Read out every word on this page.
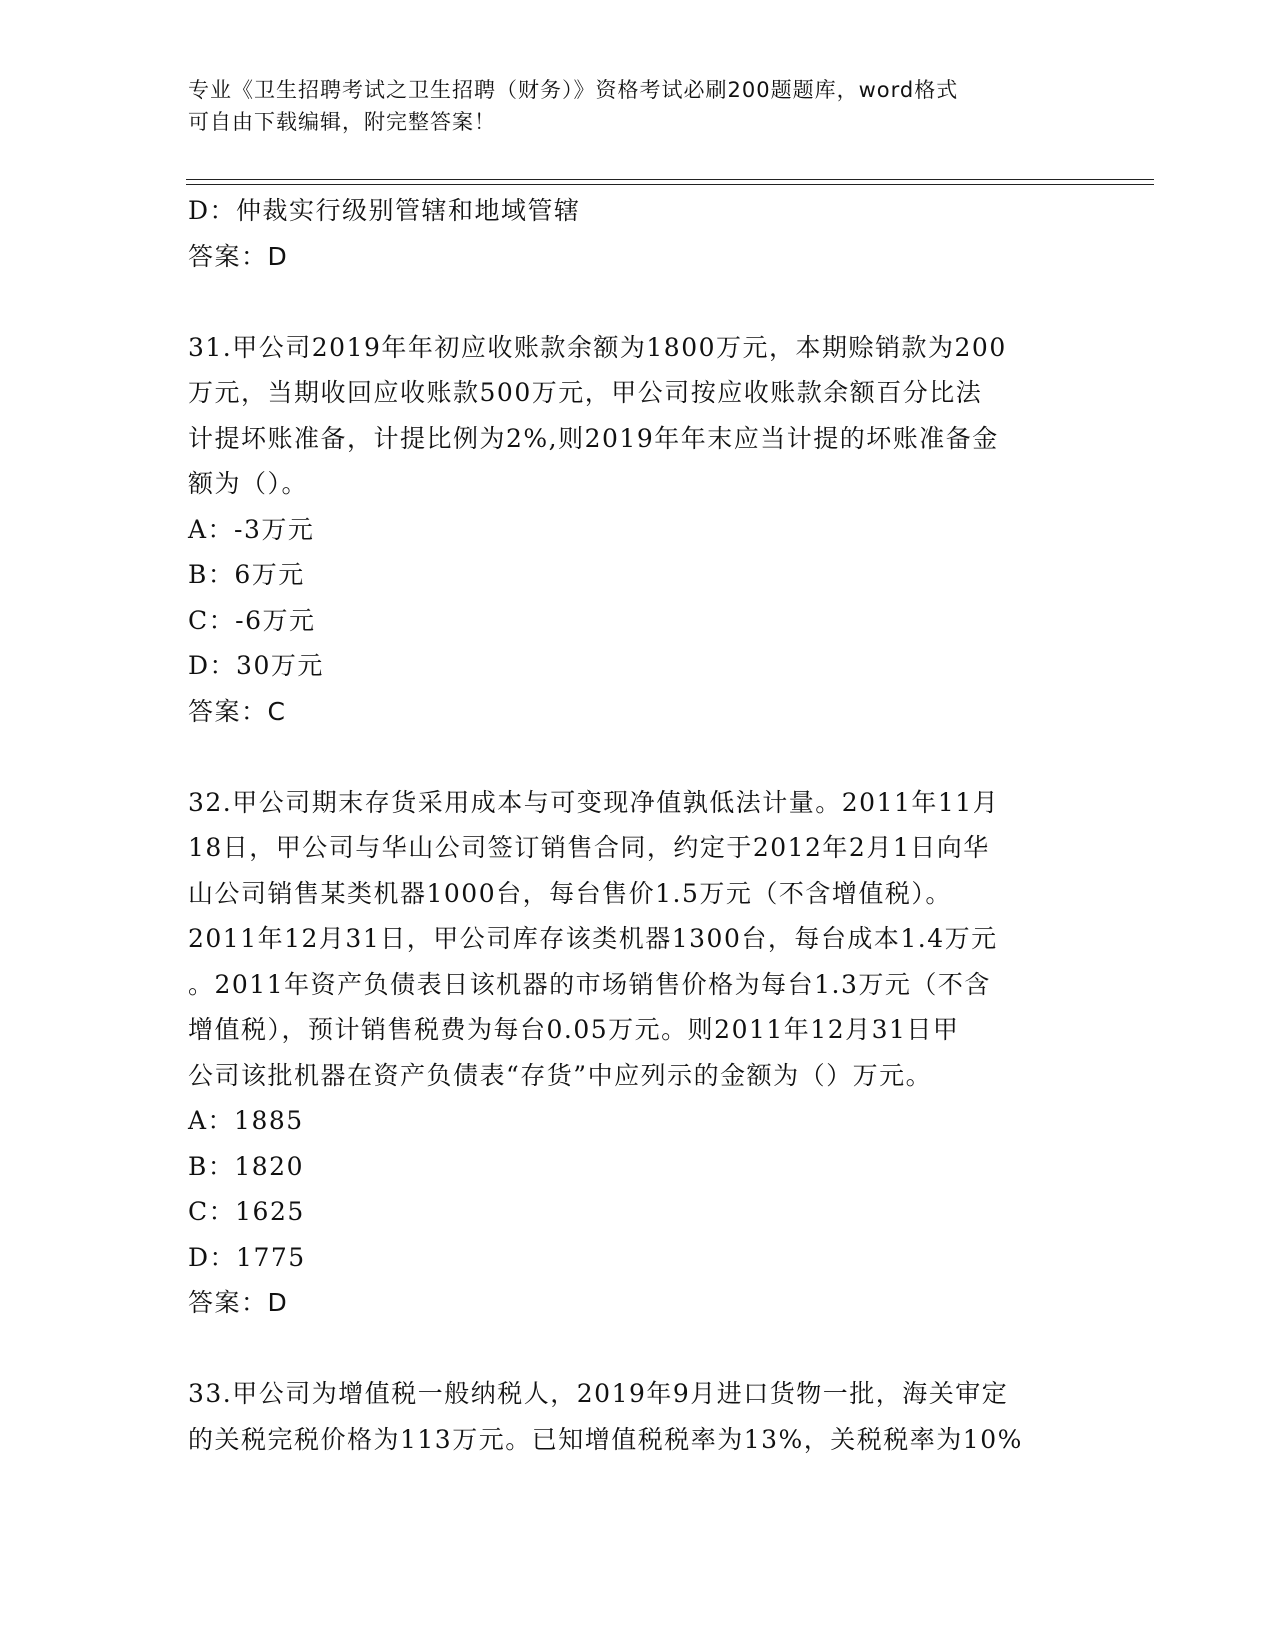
专业《卫生招聘考试之卫生招聘（财务）》资格考试必刷200题题库，word格式
可自由下载编辑，附完整答案！
D：仲裁实行级别管辖和地域管辖
答案：D
31.甲公司2019年年初应收账款余额为1800万元，本期赊销款为200
万元，当期收回应收账款500万元，甲公司按应收账款余额百分比法
计提坏账准备，计提比例为2%,则2019年年末应当计提的坏账准备金
额为（）。
A：-3万元
B：6万元
C：-6万元
D：30万元
答案：C
32.甲公司期末存货采用成本与可变现净值孰低法计量。2011年11月
18日，甲公司与华山公司签订销售合同，约定于2012年2月1日向华
山公司销售某类机器1000台，每台售价1.5万元（不含增值税）。
2011年12月31日，甲公司库存该类机器1300台，每台成本1.4万元
。2011年资产负债表日该机器的市场销售价格为每台1.3万元（不含
增值税），预计销售税费为每台0.05万元。则2011年12月31日甲
公司该批机器在资产负债表“存货”中应列示的金额为（）万元。
A：1885
B：1820
C：1625
D：1775
答案：D
33.甲公司为增值税一般纳税人，2019年9月进口货物一批，海关审定
的关税完税价格为113万元。已知增值税税率为13%，关税税率为10%
